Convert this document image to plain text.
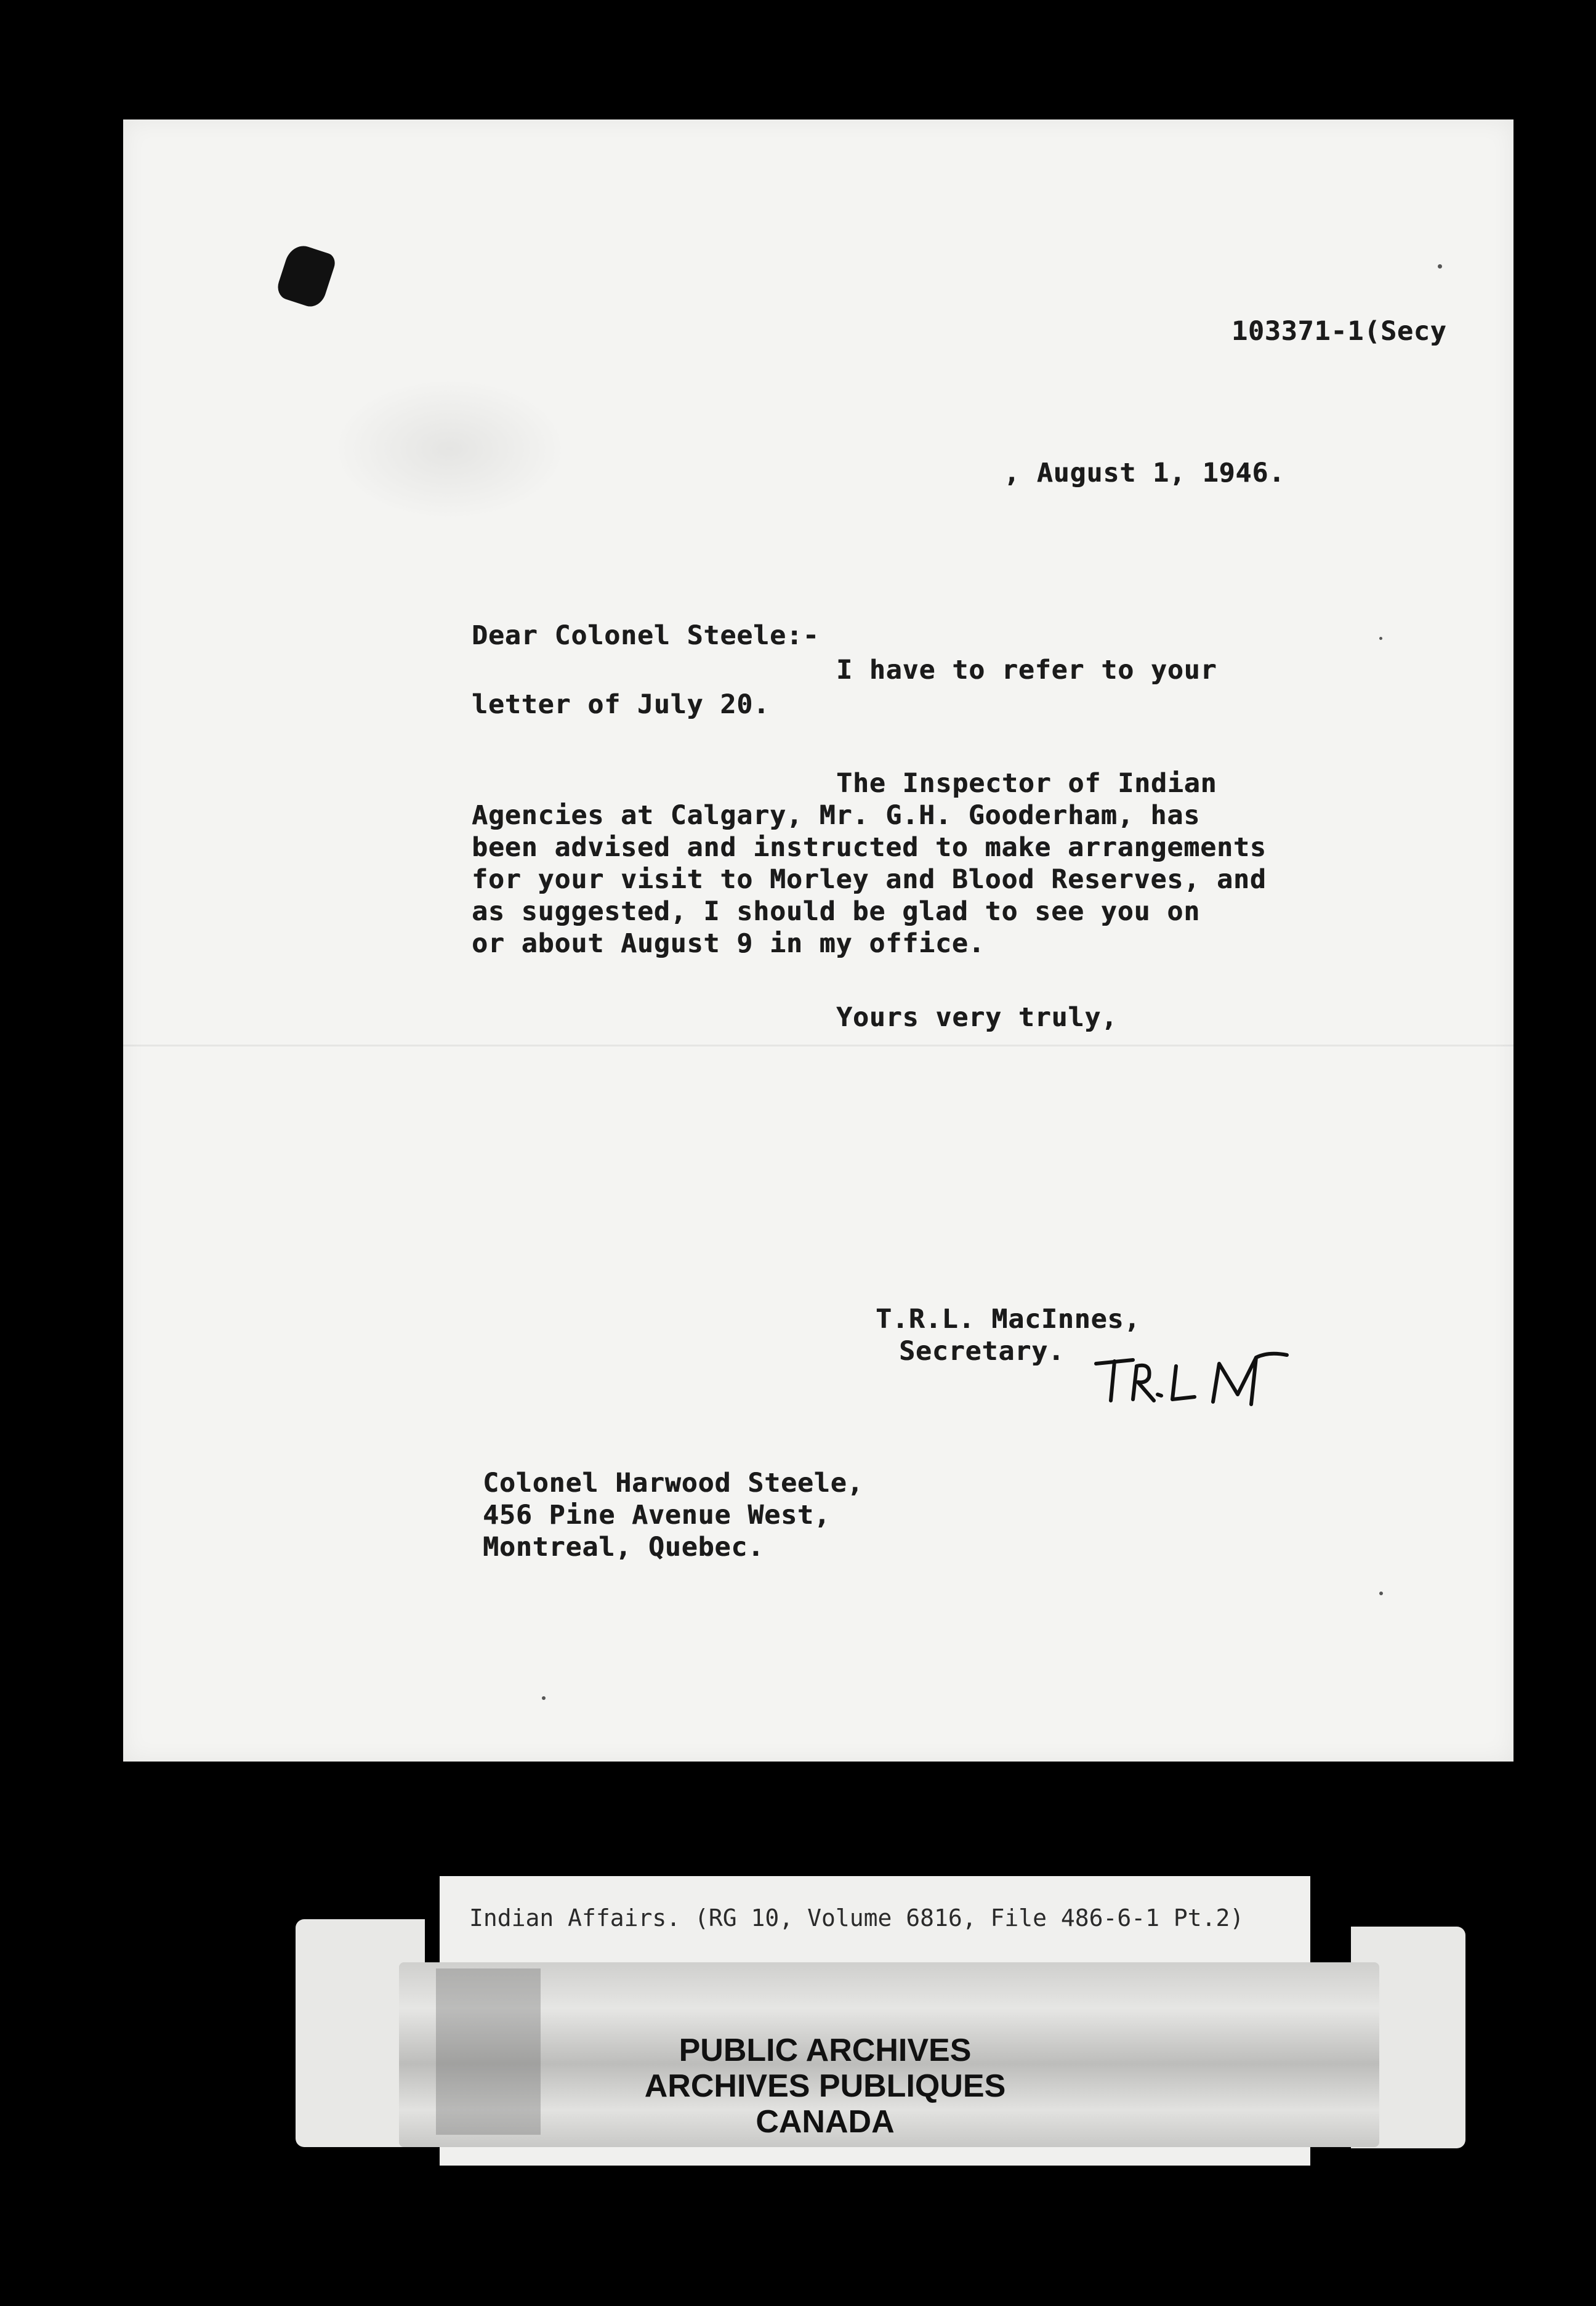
103371-1(Secy
, August 1, 1946.
Dear Colonel Steele:-
I have to refer to your
letter of July 20.
The Inspector of Indian
Agencies at Calgary, Mr. G.H. Gooderham, has
been advised and instructed to make arrangements
for your visit to Morley and Blood Reserves, and
as suggested, I should be glad to see you on
or about August 9 in my office.
Yours very truly,
T.R.L. MacInnes,
Secretary.
Colonel Harwood Steele,
456 Pine Avenue West,
Montreal, Quebec.
Indian Affairs. (RG 10, Volume 6816, File 486-6-1 Pt.2)
PUBLIC ARCHIVES
ARCHIVES PUBLIQUES
CANADA
